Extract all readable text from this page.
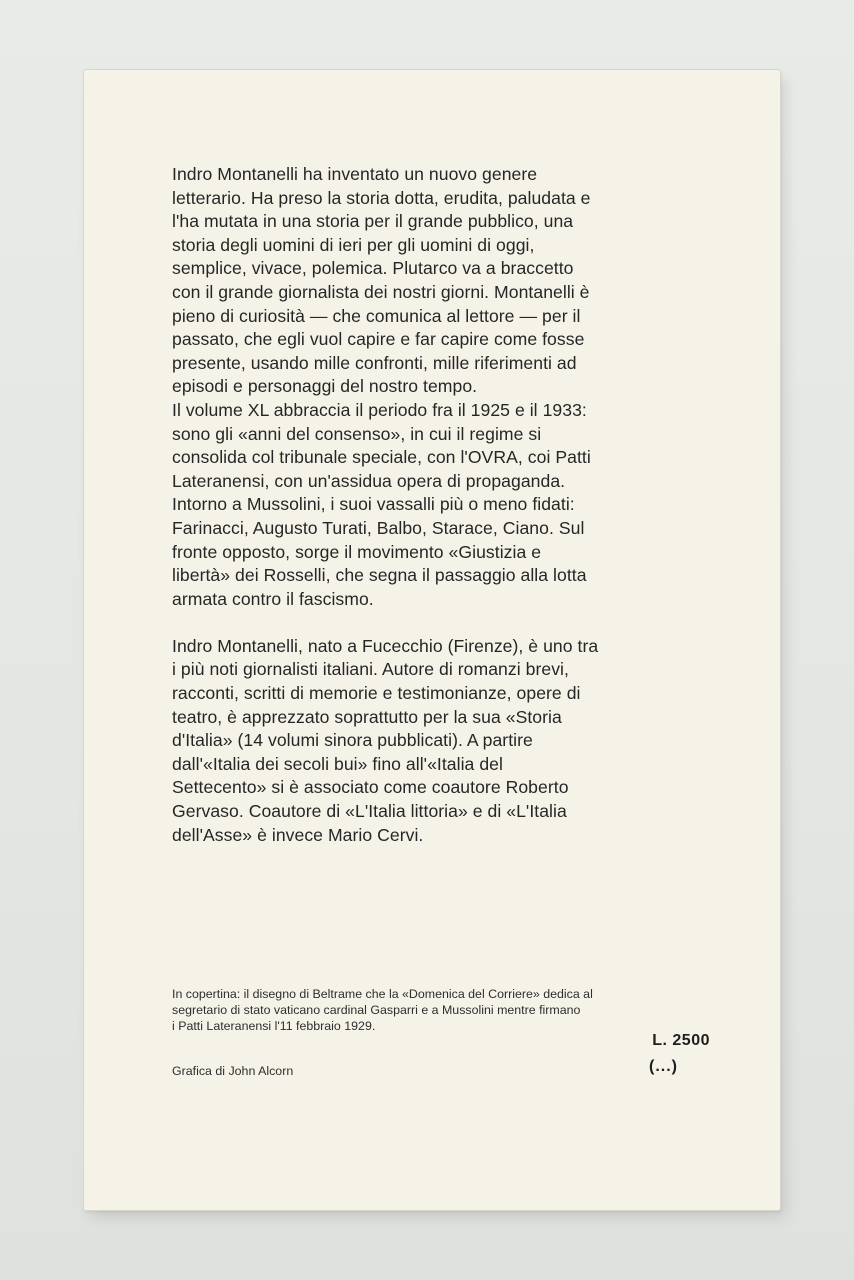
Indro Montanelli ha inventato un nuovo genere
letterario. Ha preso la storia dotta, erudita, paludata e
l'ha mutata in una storia per il grande pubblico, una
storia degli uomini di ieri per gli uomini di oggi,
semplice, vivace, polemica. Plutarco va a braccetto
con il grande giornalista dei nostri giorni. Montanelli è
pieno di curiosità — che comunica al lettore — per il
passato, che egli vuol capire e far capire come fosse
presente, usando mille confronti, mille riferimenti ad
episodi e personaggi del nostro tempo.
Il volume XL abbraccia il periodo fra il 1925 e il 1933:
sono gli «anni del consenso», in cui il regime si
consolida col tribunale speciale, con l'OVRA, coi Patti
Lateranensi, con un'assidua opera di propaganda.
Intorno a Mussolini, i suoi vassalli più o meno fidati:
Farinacci, Augusto Turati, Balbo, Starace, Ciano. Sul
fronte opposto, sorge il movimento «Giustizia e
libertà» dei Rosselli, che segna il passaggio alla lotta
armata contro il fascismo.
Indro Montanelli, nato a Fucecchio (Firenze), è uno tra
i più noti giornalisti italiani. Autore di romanzi brevi,
racconti, scritti di memorie e testimonianze, opere di
teatro, è apprezzato soprattutto per la sua «Storia
d'Italia» (14 volumi sinora pubblicati). A partire
dall'«Italia dei secoli bui» fino all'«Italia del
Settecento» si è associato come coautore Roberto
Gervaso. Coautore di «L'Italia littoria» e di «L'Italia
dell'Asse» è invece Mario Cervi.
In copertina: il disegno di Beltrame che la «Domenica del Corriere» dedica al
segretario di stato vaticano cardinal Gasparri e a Mussolini mentre firmano
i Patti Lateranensi l'11 febbraio 1929.
L. 2500
(...)
Grafica di John Alcorn
